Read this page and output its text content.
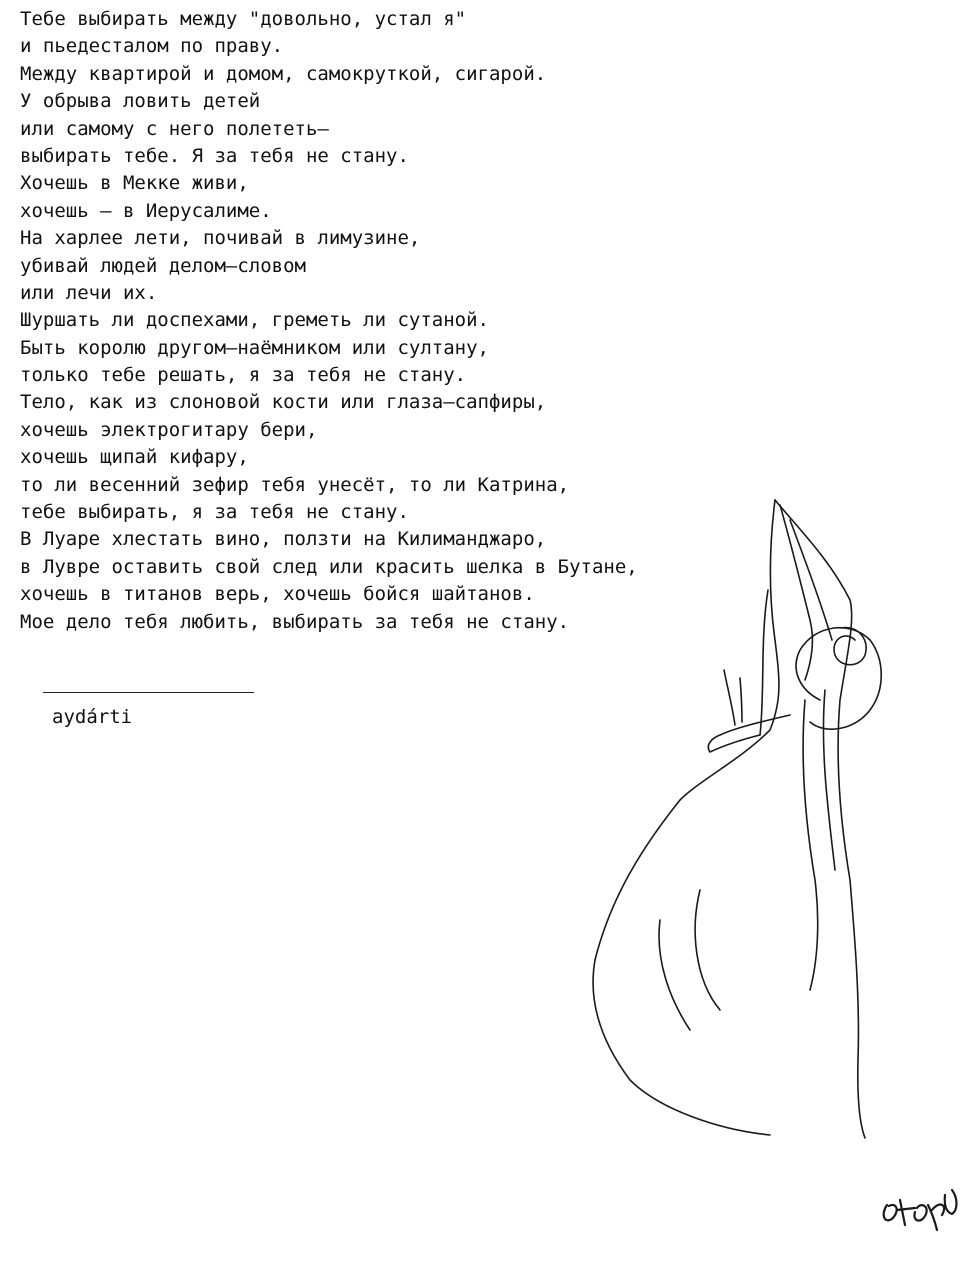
Тебе выбирать между "довольно, устал я"
и пьедесталом по праву.
Между квартирой и домом, самокруткой, сигарой.
У обрыва ловить детей
или самому с него полететь–
выбирать тебе. Я за тебя не стану.
Хочешь в Мекке живи,
хочешь – в Иерусалиме.
На харлее лети, почивай в лимузине,
убивай людей делом–словом
или лечи их.
Шуршать ли доспехами, греметь ли сутаной.
Быть королю другом–наёмником или султану,
только тебе решать, я за тебя не стану.
Тело, как из слоновой кости или глаза–сапфиры,
хочешь электрогитару бери,
хочешь щипай кифару,
то ли весенний зефир тебя унесёт, то ли Катрина,
тебе выбирать, я за тебя не стану.
В Луаре хлестать вино, ползти на Килиманджаро,
в Лувре оставить свой след или красить шелка в Бутане,
хочешь в титанов верь, хочешь бойся шайтанов.
Мое дело тебя любить, выбирать за тебя не стану.
aydárti
